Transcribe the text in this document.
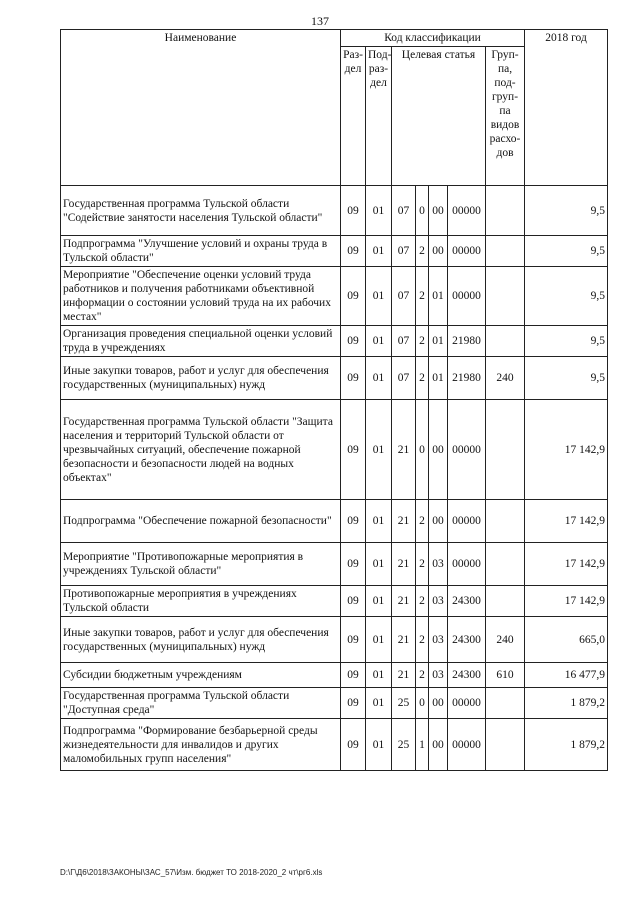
137
Наименование	Код классификации							2018 год
	Раз-дел	Под-раз-дел	Целевая статья				Груп-па, под-груп-па видов расхо-дов	
Государственная программа Тульской области "Содействие занятости населения Тульской области"	09	01	07	0	00	00000		9,5
Подпрограмма "Улучшение условий и охраны труда в Тульской области"	09	01	07	2	00	00000		9,5
Мероприятие "Обеспечение оценки условий труда работников и получения работниками объективной информации о состоянии условий труда на их рабочих местах"	09	01	07	2	01	00000		9,5
Организация проведения специальной оценки условий труда в учреждениях	09	01	07	2	01	21980		9,5
Иные закупки товаров, работ и услуг для обеспечения государственных (муниципальных) нужд	09	01	07	2	01	21980	240	9,5
Государственная программа Тульской области "Защита населения и территорий Тульской области от чрезвычайных ситуаций, обеспечение пожарной безопасности и безопасности людей на водных объектах"	09	01	21	0	00	00000		17 142,9
Подпрограмма "Обеспечение пожарной безопасности"	09	01	21	2	00	00000		17 142,9
Мероприятие "Противопожарные мероприятия в учреждениях Тульской области"	09	01	21	2	03	00000		17 142,9
Противопожарные мероприятия в учреждениях Тульской области	09	01	21	2	03	24300		17 142,9
Иные закупки товаров, работ и услуг для обеспечения государственных (муниципальных) нужд	09	01	21	2	03	24300	240	665,0
Субсидии бюджетным учреждениям	09	01	21	2	03	24300	610	16 477,9
Государственная программа Тульской области "Доступная среда"	09	01	25	0	00	00000		1 879,2
Подпрограмма "Формирование безбарьерной среды жизнедеятельности для инвалидов и других маломобильных групп населения"	09	01	25	1	00	00000		1 879,2
D:\Г\Д6\2018\ЗАКОНЫ\ЗАС_57\Изм. бюджет ТО 2018-2020_2 чт\рг6.xls
